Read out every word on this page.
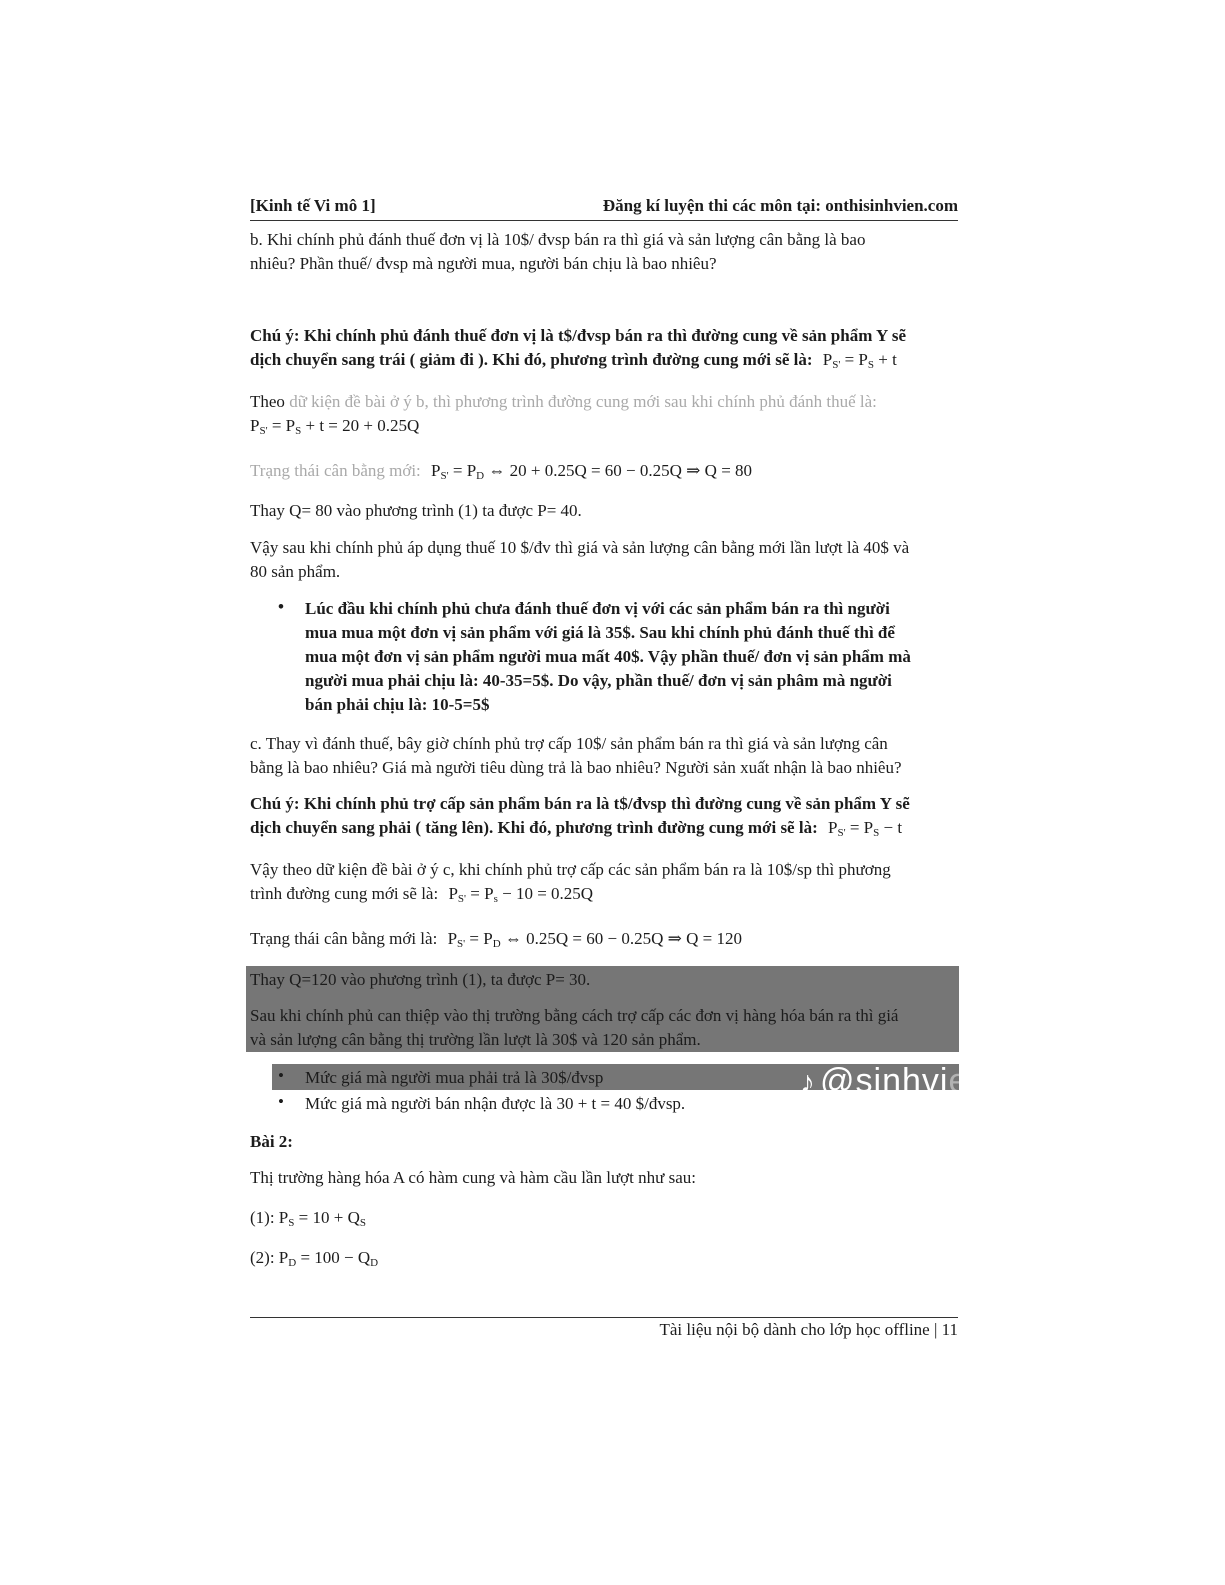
[Kinh tế Vi mô 1]	Đăng kí luyện thi các môn tại: onthisinhvien.com
b. Khi chính phủ đánh thuế đơn vị là 10$/ đvsp bán ra thì giá và sản lượng cân bằng là bao
nhiêu? Phần thuế/ đvsp mà người mua, người bán chịu là bao nhiêu?
Chú ý: Khi chính phủ đánh thuế đơn vị là t$/đvsp bán ra thì đường cung về sản phẩm Y sẽ
dịch chuyển sang trái ( giảm đi ). Khi đó, phương trình đường cung mới sẽ là: $P_{S'} = P_S + t$
Theo dữ kiện đề bài ở ý b, thì phương trình đường cung mới sau khi chính phủ đánh thuế là:
$P_{S'} = P_S + t = 20 + 0.25Q$
Trạng thái cân bằng mới: $P_{S'} = P_D$ ⇔ 20 + 0.25Q = 60 − 0.25Q ⇒ Q = 80
Thay Q= 80 vào phương trình (1) ta được P= 40.
Vậy sau khi chính phủ áp dụng thuế 10 $/đv thì giá và sản lượng cân bằng mới lần lượt là 40$ và
80 sản phẩm.
• Lúc đầu khi chính phủ chưa đánh thuế đơn vị với các sản phẩm bán ra thì người
mua mua một đơn vị sản phẩm với giá là 35$. Sau khi chính phủ đánh thuế thì để
mua một đơn vị sản phẩm người mua mất 40$. Vậy phần thuế/ đơn vị sản phẩm mà
người mua phải chịu là: 40-35=5$. Do vậy, phần thuế/ đơn vị sản phâm mà người
bán phải chịu là: 10-5=5$
c. Thay vì đánh thuế, bây giờ chính phủ trợ cấp 10$/ sản phẩm bán ra thì giá và sản lượng cân
bằng là bao nhiêu? Giá mà người tiêu dùng trả là bao nhiêu? Người sản xuất nhận là bao nhiêu?
Chú ý: Khi chính phủ trợ cấp sản phẩm bán ra là t$/đvsp thì đường cung về sản phẩm Y sẽ
dịch chuyển sang phải ( tăng lên). Khi đó, phương trình đường cung mới sẽ là: $P_{S'} = P_S - t$
Vậy theo dữ kiện đề bài ở ý c, khi chính phủ trợ cấp các sản phẩm bán ra là 10$/sp thì phương
trình đường cung mới sẽ là: $P_{S'} = P_s - 10 = 0.25Q$
Trạng thái cân bằng mới là: $P_{S'} = P_D$ ⇔ 0.25Q = 60 − 0.25Q ⇒ Q = 120
Thay Q=120 vào phương trình (1), ta được P= 30.
Sau khi chính phủ can thiệp vào thị trường bằng cách trợ cấp các đơn vị hàng hóa bán ra thì giá
và sản lượng cân bằng thị trường lần lượt là 30$ và 120 sản phẩm.
• Mức giá mà người mua phải trả là 30$/đvsp
• Mức giá mà người bán nhận được là 30 + t = 40 $/đvsp.
♪ @sinhvienoi
Bài 2:
Thị trường hàng hóa A có hàm cung và hàm cầu lần lượt như sau:
(1): $P_S = 10 + Q_S$
(2): $P_D = 100 - Q_D$
Tài liệu nội bộ dành cho lớp học offline | 11
